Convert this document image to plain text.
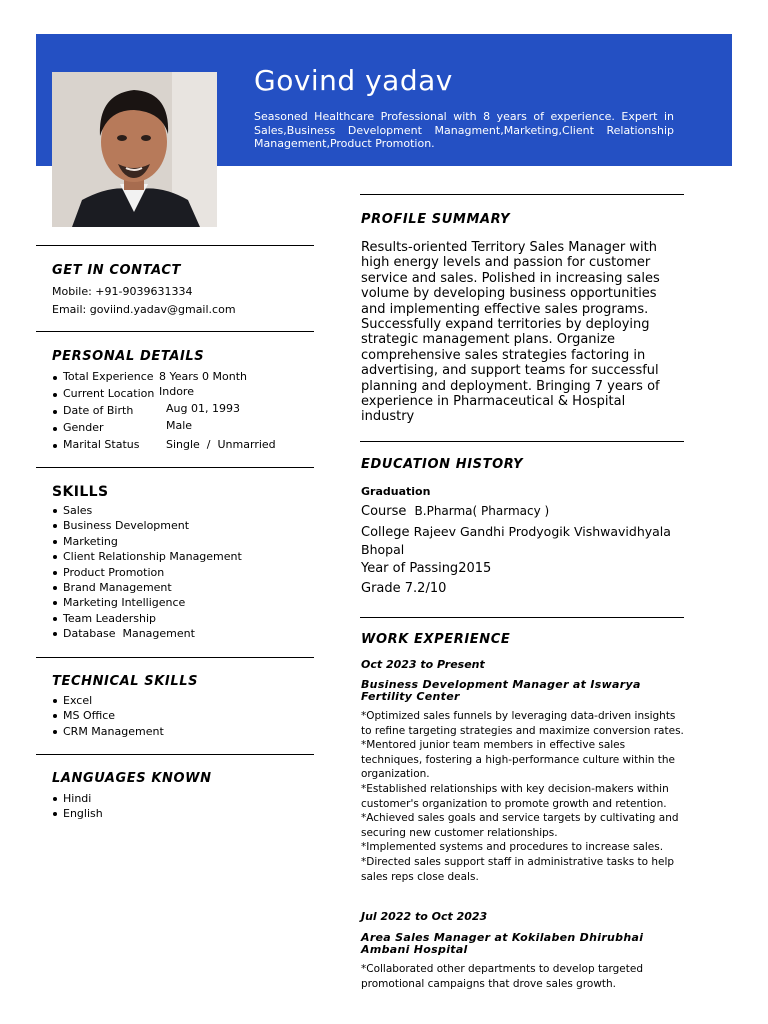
Govind yadav
Seasoned Healthcare Professional with 8 years of experience. Expert in Sales,Business Development Managment,Marketing,Client Relationship Management,Product Promotion.
GET IN CONTACT
Mobile: +91-9039631334
Email: goviind.yadav@gmail.com
PERSONAL DETAILS
Total Experience 8 Years 0 Month
Current Location Indore
Date of Birth	Aug 01, 1993
Gender	Male
Marital Status Single  /  Unmarried
SKILLS
Sales
Business Development
Marketing
Client Relationship Management
Product Promotion
Brand Management
Marketing Intelligence
Team Leadership
Database  Management
TECHNICAL SKILLS
Excel
MS Office
CRM Management
LANGUAGES KNOWN
Hindi
English
PROFILE SUMMARY
Results-oriented Territory Sales Manager with high energy levels and passion for customer service and sales. Polished in increasing sales volume by developing business opportunities and implementing effective sales programs. Successfully expand territories by deploying strategic management plans. Organize comprehensive sales strategies factoring in advertising, and support teams for successful planning and deployment. Bringing 7 years of experience in Pharmaceutical & Hospital industry
EDUCATION HISTORY
Graduation
Course B.Pharma( Pharmacy )
College Rajeev Gandhi Prodyogik Vishwavidhyala Bhopal
Year of Passing2015
Grade 7.2/10
WORK EXPERIENCE
Oct 2023 to Present
Business Development Manager at Iswarya Fertility Center
*Optimized sales funnels by leveraging data-driven insights to refine targeting strategies and maximize conversion rates.
*Mentored junior team members in effective sales techniques, fostering a high-performance culture within the organization.
*Established relationships with key decision-makers within customer's organization to promote growth and retention.
*Achieved sales goals and service targets by cultivating and securing new customer relationships.
*Implemented systems and procedures to increase sales.
*Directed sales support staff in administrative tasks to help sales reps close deals.
Jul 2022 to Oct 2023
Area Sales Manager at Kokilaben Dhirubhai Ambani Hospital
*Collaborated other departments to develop targeted promotional campaigns that drove sales growth.
